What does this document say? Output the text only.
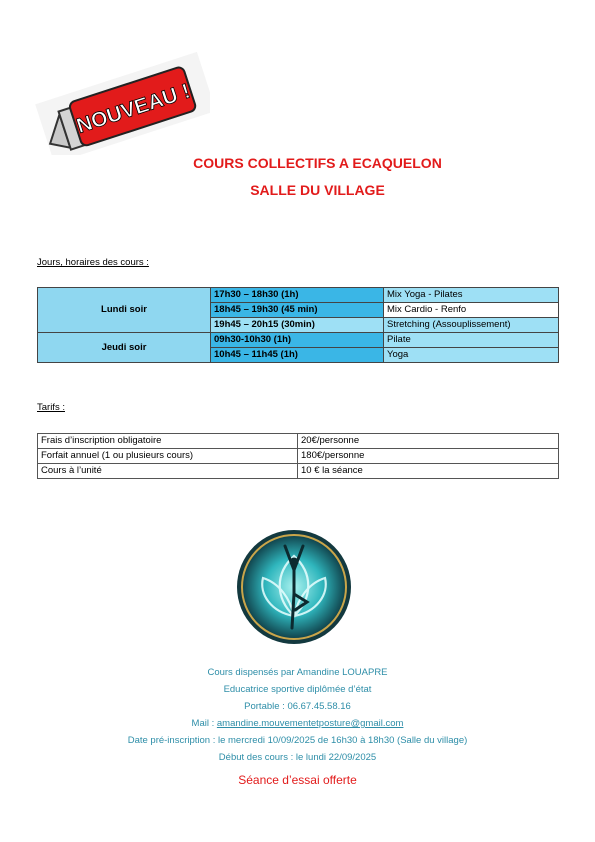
NOUVEAU !
COURS COLLECTIFS A ECAQUELON
SALLE DU VILLAGE
Jours, horaires des cours :
Lundi soir	17h30 – 18h30 (1h)	Mix Yoga - Pilates
	18h45 – 19h30 (45 min)	Mix Cardio - Renfo
	19h45 – 20h15 (30min)	Stretching (Assouplissement)
Jeudi soir	09h30-10h30 (1h)	Pilate
	10h45 – 11h45 (1h)	Yoga
Tarifs :
Frais d’inscription obligatoire	20€/personne
Forfait annuel (1 ou plusieurs cours)	180€/personne
Cours à l’unité	10 € la séance
Cours dispensés par Amandine LOUAPRE
Educatrice sportive diplômée d’état
Portable : 06.67.45.58.16
Mail : amandine.mouvementetposture@gmail.com
Date pré-inscription : le mercredi 10/09/2025 de 16h30 à 18h30 (Salle du village)
Début des cours : le lundi 22/09/2025
Séance d’essai offerte
